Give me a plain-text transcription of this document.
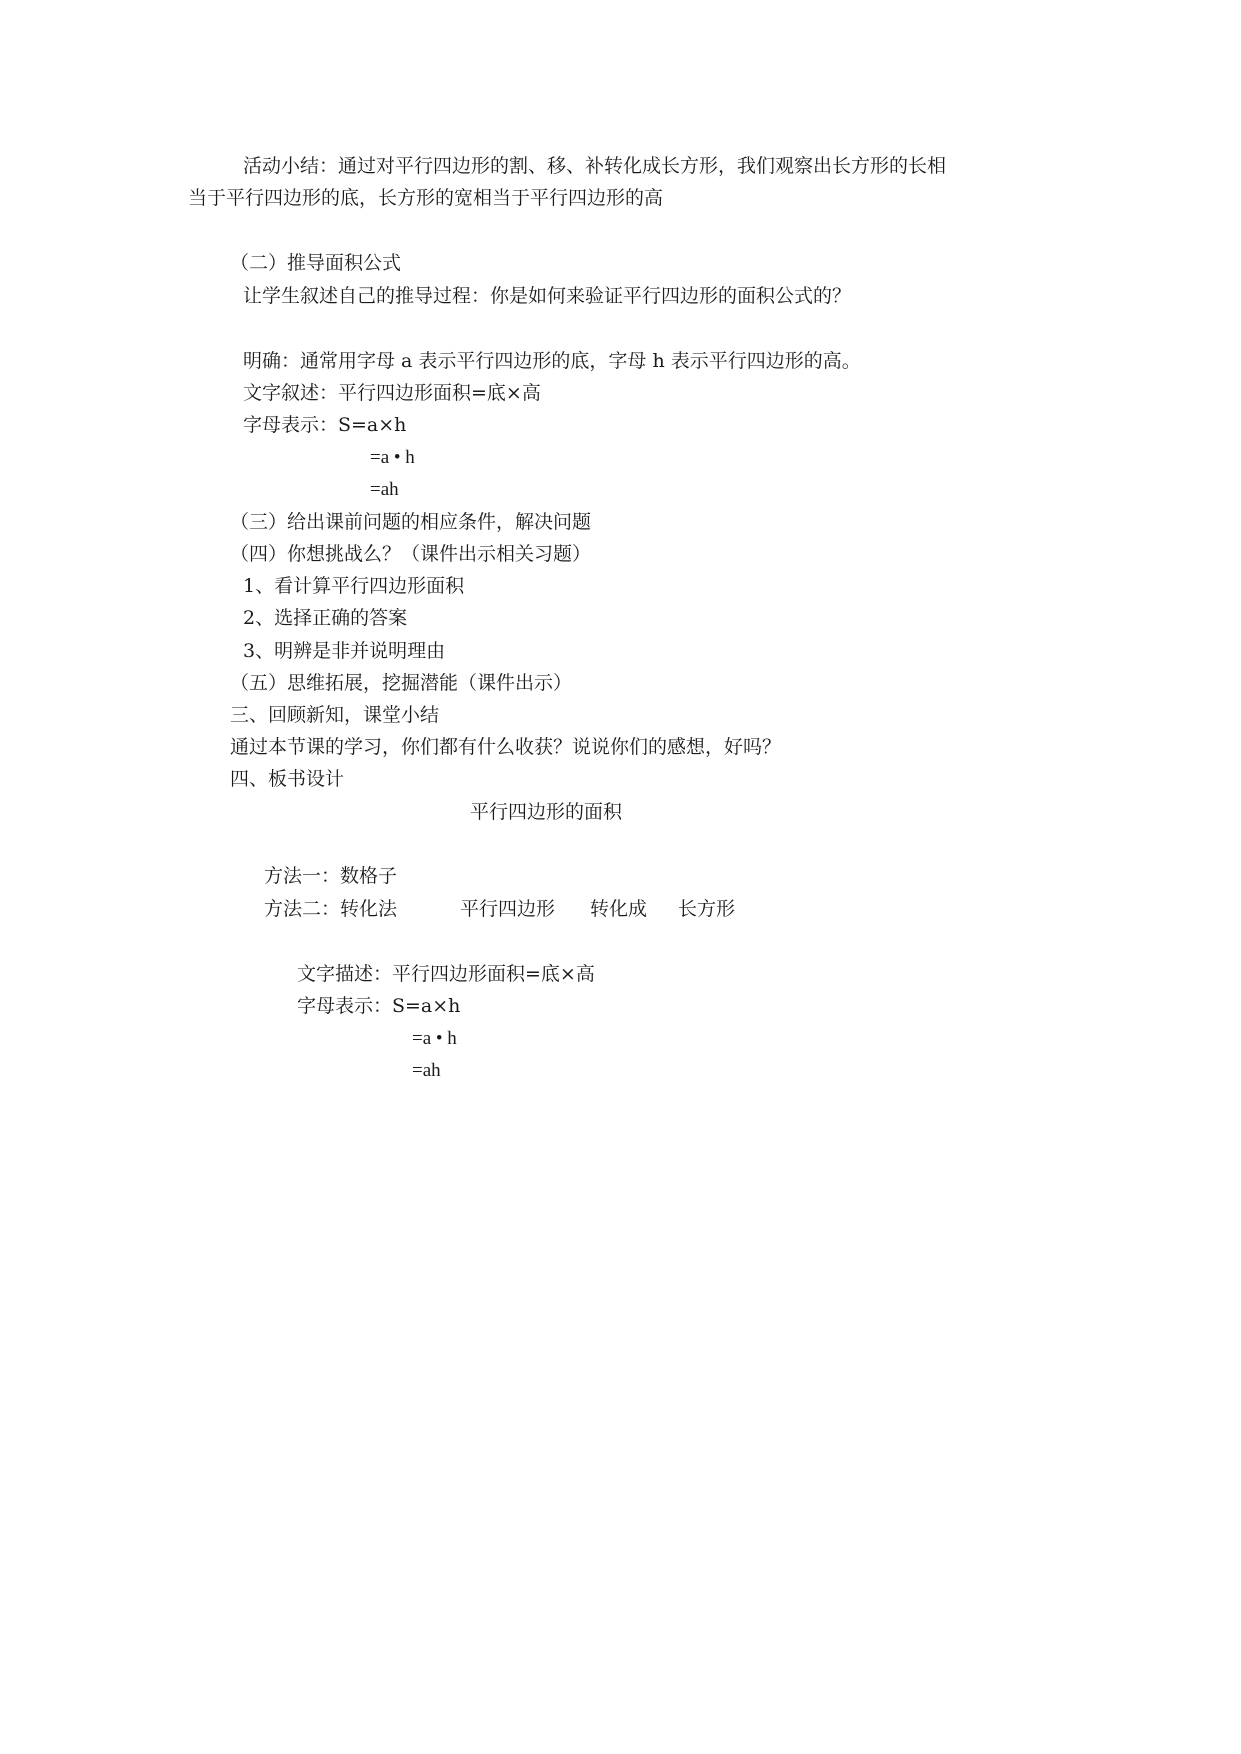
活动小结：通过对平行四边形的割、移、补转化成长方形，我们观察出长方形的长相

当于平行四边形的底，长方形的宽相当于平行四边形的高

（二）推导面积公式

让学生叙述自己的推导过程：你是如何来验证平行四边形的面积公式的？

明确：通常用字母 a 表示平行四边形的底，字母 h 表示平行四边形的高。

文字叙述：平行四边形面积=底×高

字母表示：S=a×h

=a • h

=ah

（三）给出课前问题的相应条件，解决问题

（四）你想挑战么？（课件出示相关习题）

1、看计算平行四边形面积

2、选择正确的答案

3、明辨是非并说明理由

（五）思维拓展，挖掘潜能（课件出示）

三、回顾新知，课堂小结

通过本节课的学习，你们都有什么收获？说说你们的感想，好吗？

四、板书设计

平行四边形的面积

方法一：数格子

方法二：转化法	平行四边形 转化成 长方形

文字描述：平行四边形面积=底×高

字母表示：S=a×h

=a • h

=ah
